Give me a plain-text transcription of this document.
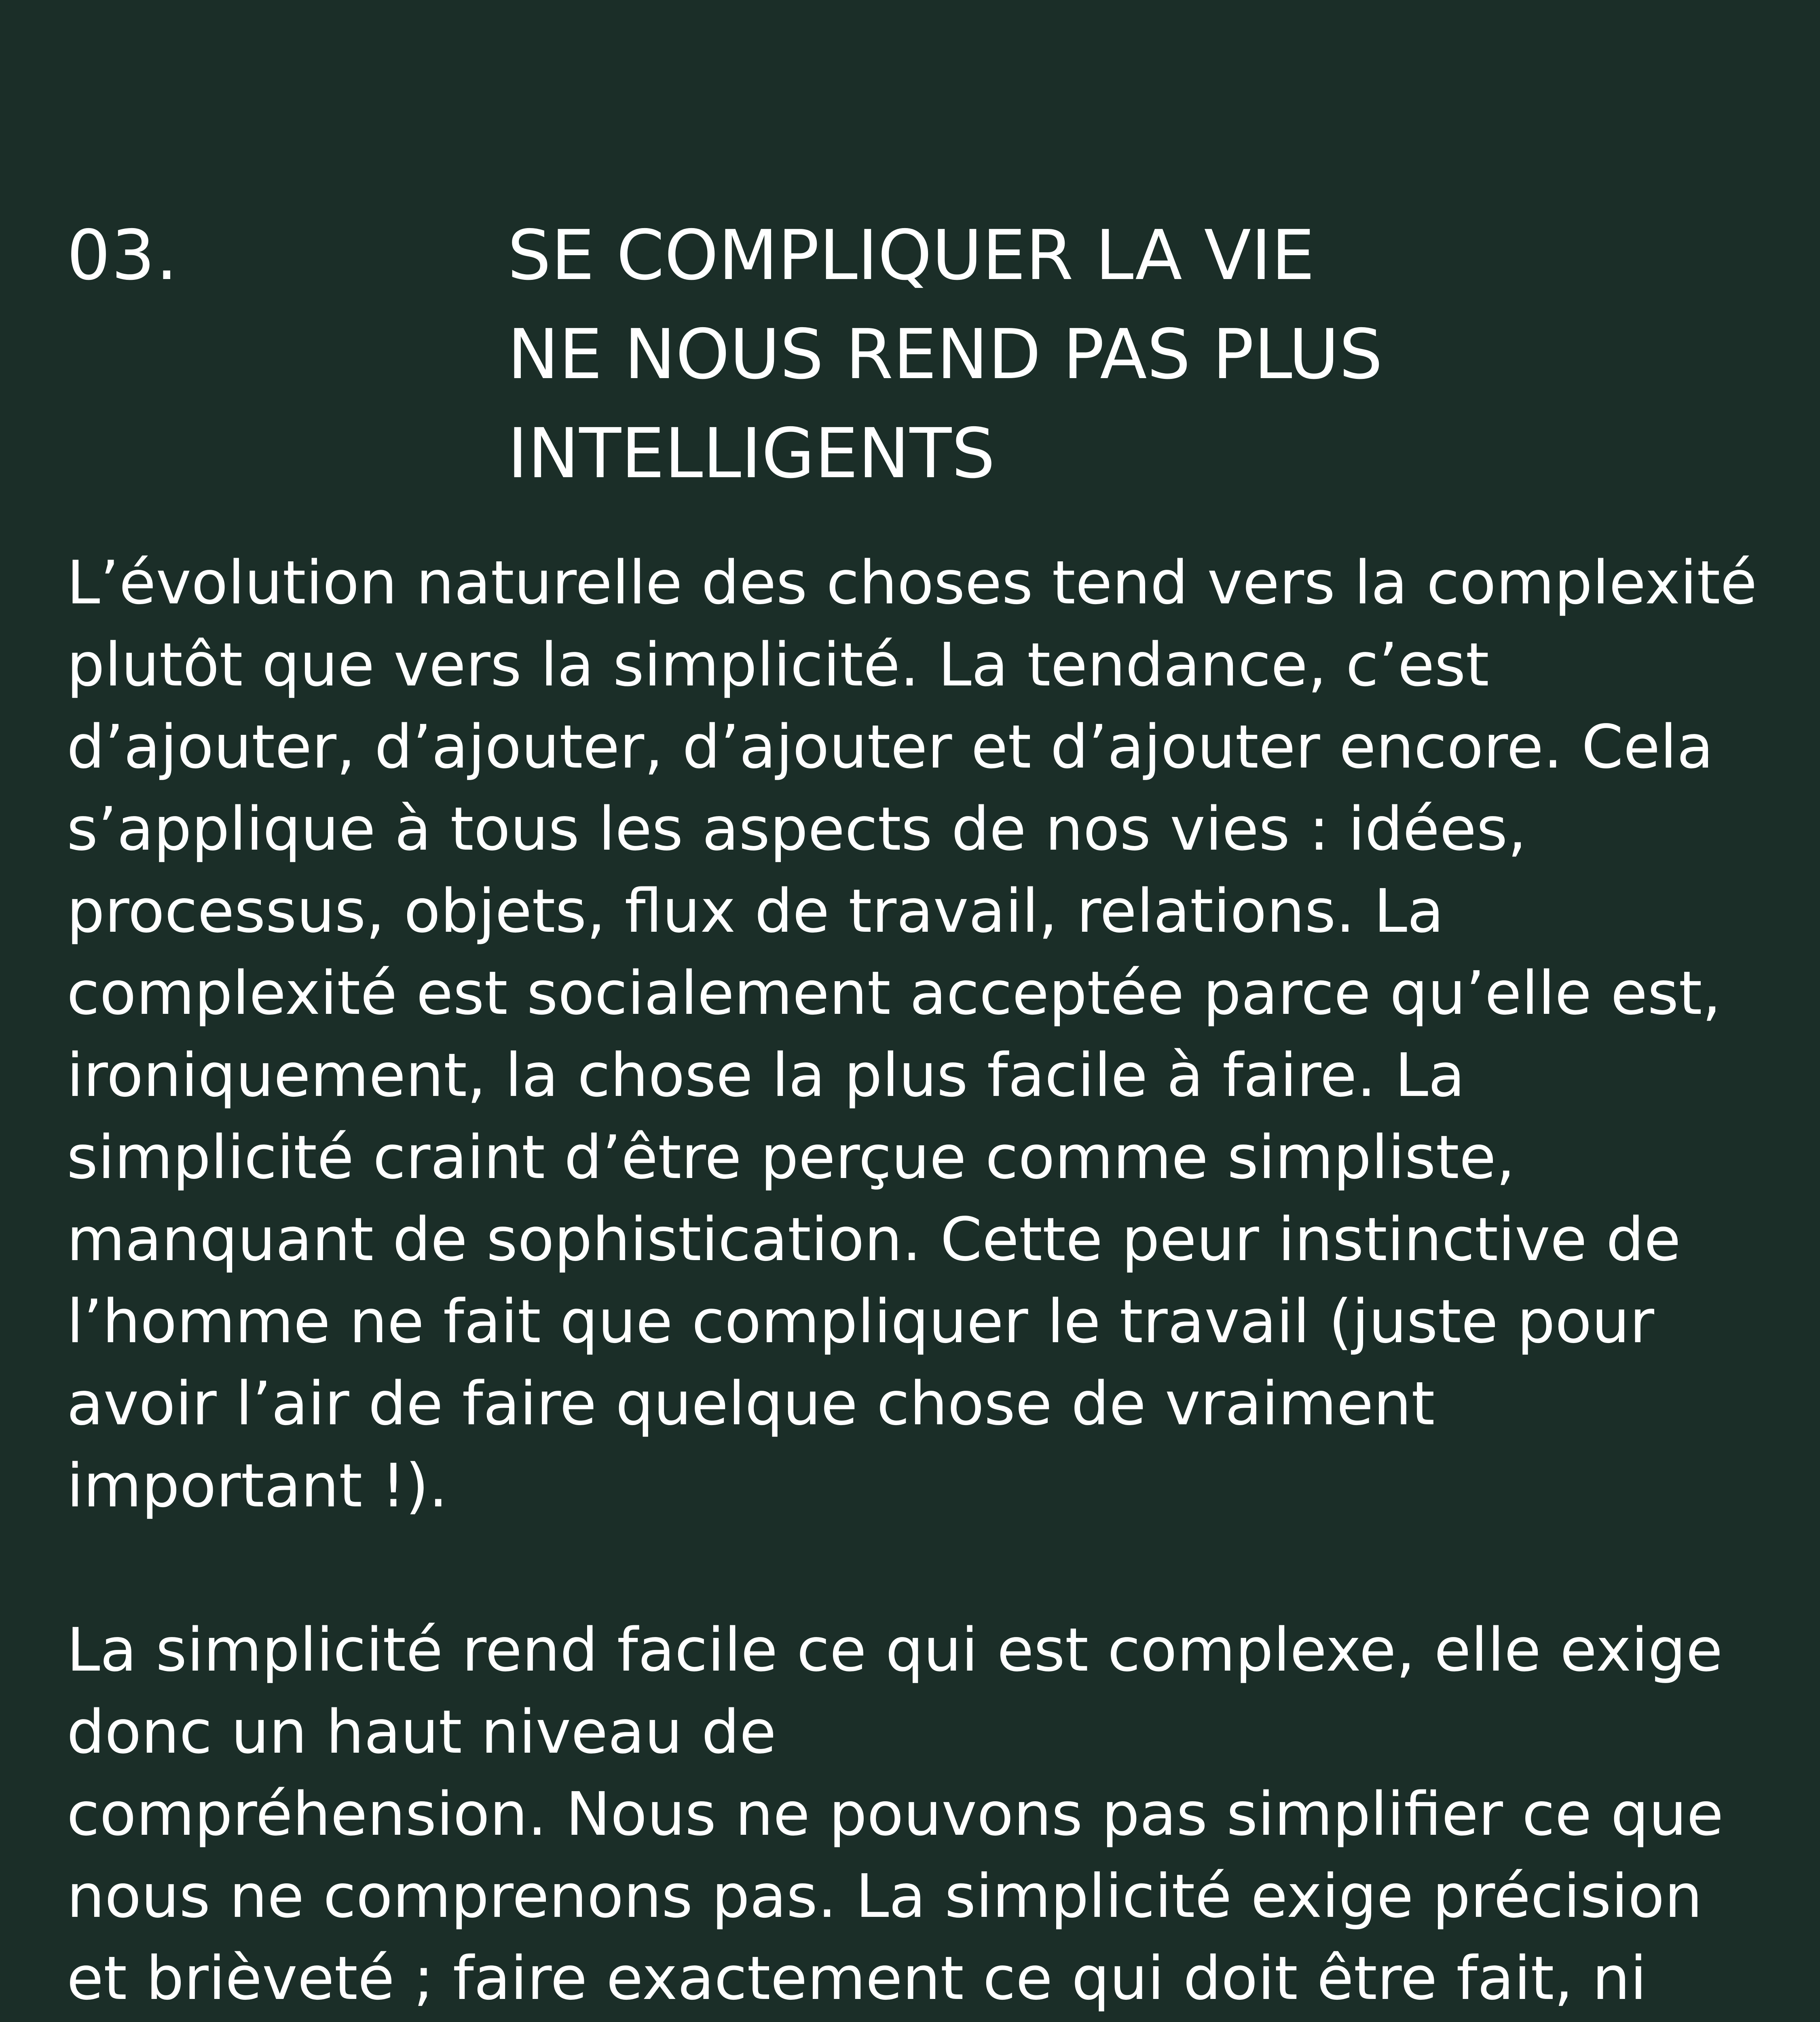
03.	SE COMPLIQUER LA VIE
NE NOUS REND PAS PLUS
INTELLIGENTS

L’évolution naturelle des choses tend vers la complexité
plutôt que vers la simplicité. La tendance, c’est
d’ajouter, d’ajouter, d’ajouter et d’ajouter encore. Cela
s’applique à tous les aspects de nos vies : idées,
processus, objets, flux de travail, relations. La
complexité est socialement acceptée parce qu’elle est,
ironiquement, la chose la plus facile à faire. La
simplicité craint d’être perçue comme simpliste,
manquant de sophistication. Cette peur instinctive de
l’homme ne fait que compliquer le travail (juste pour
avoir l’air de faire quelque chose de vraiment
important !).

La simplicité rend facile ce qui est complexe, elle exige
donc un haut niveau de
compréhension. Nous ne pouvons pas simplifier ce que
nous ne comprenons pas. La simplicité exige précision
et brièveté ; faire exactement ce qui doit être fait, ni
